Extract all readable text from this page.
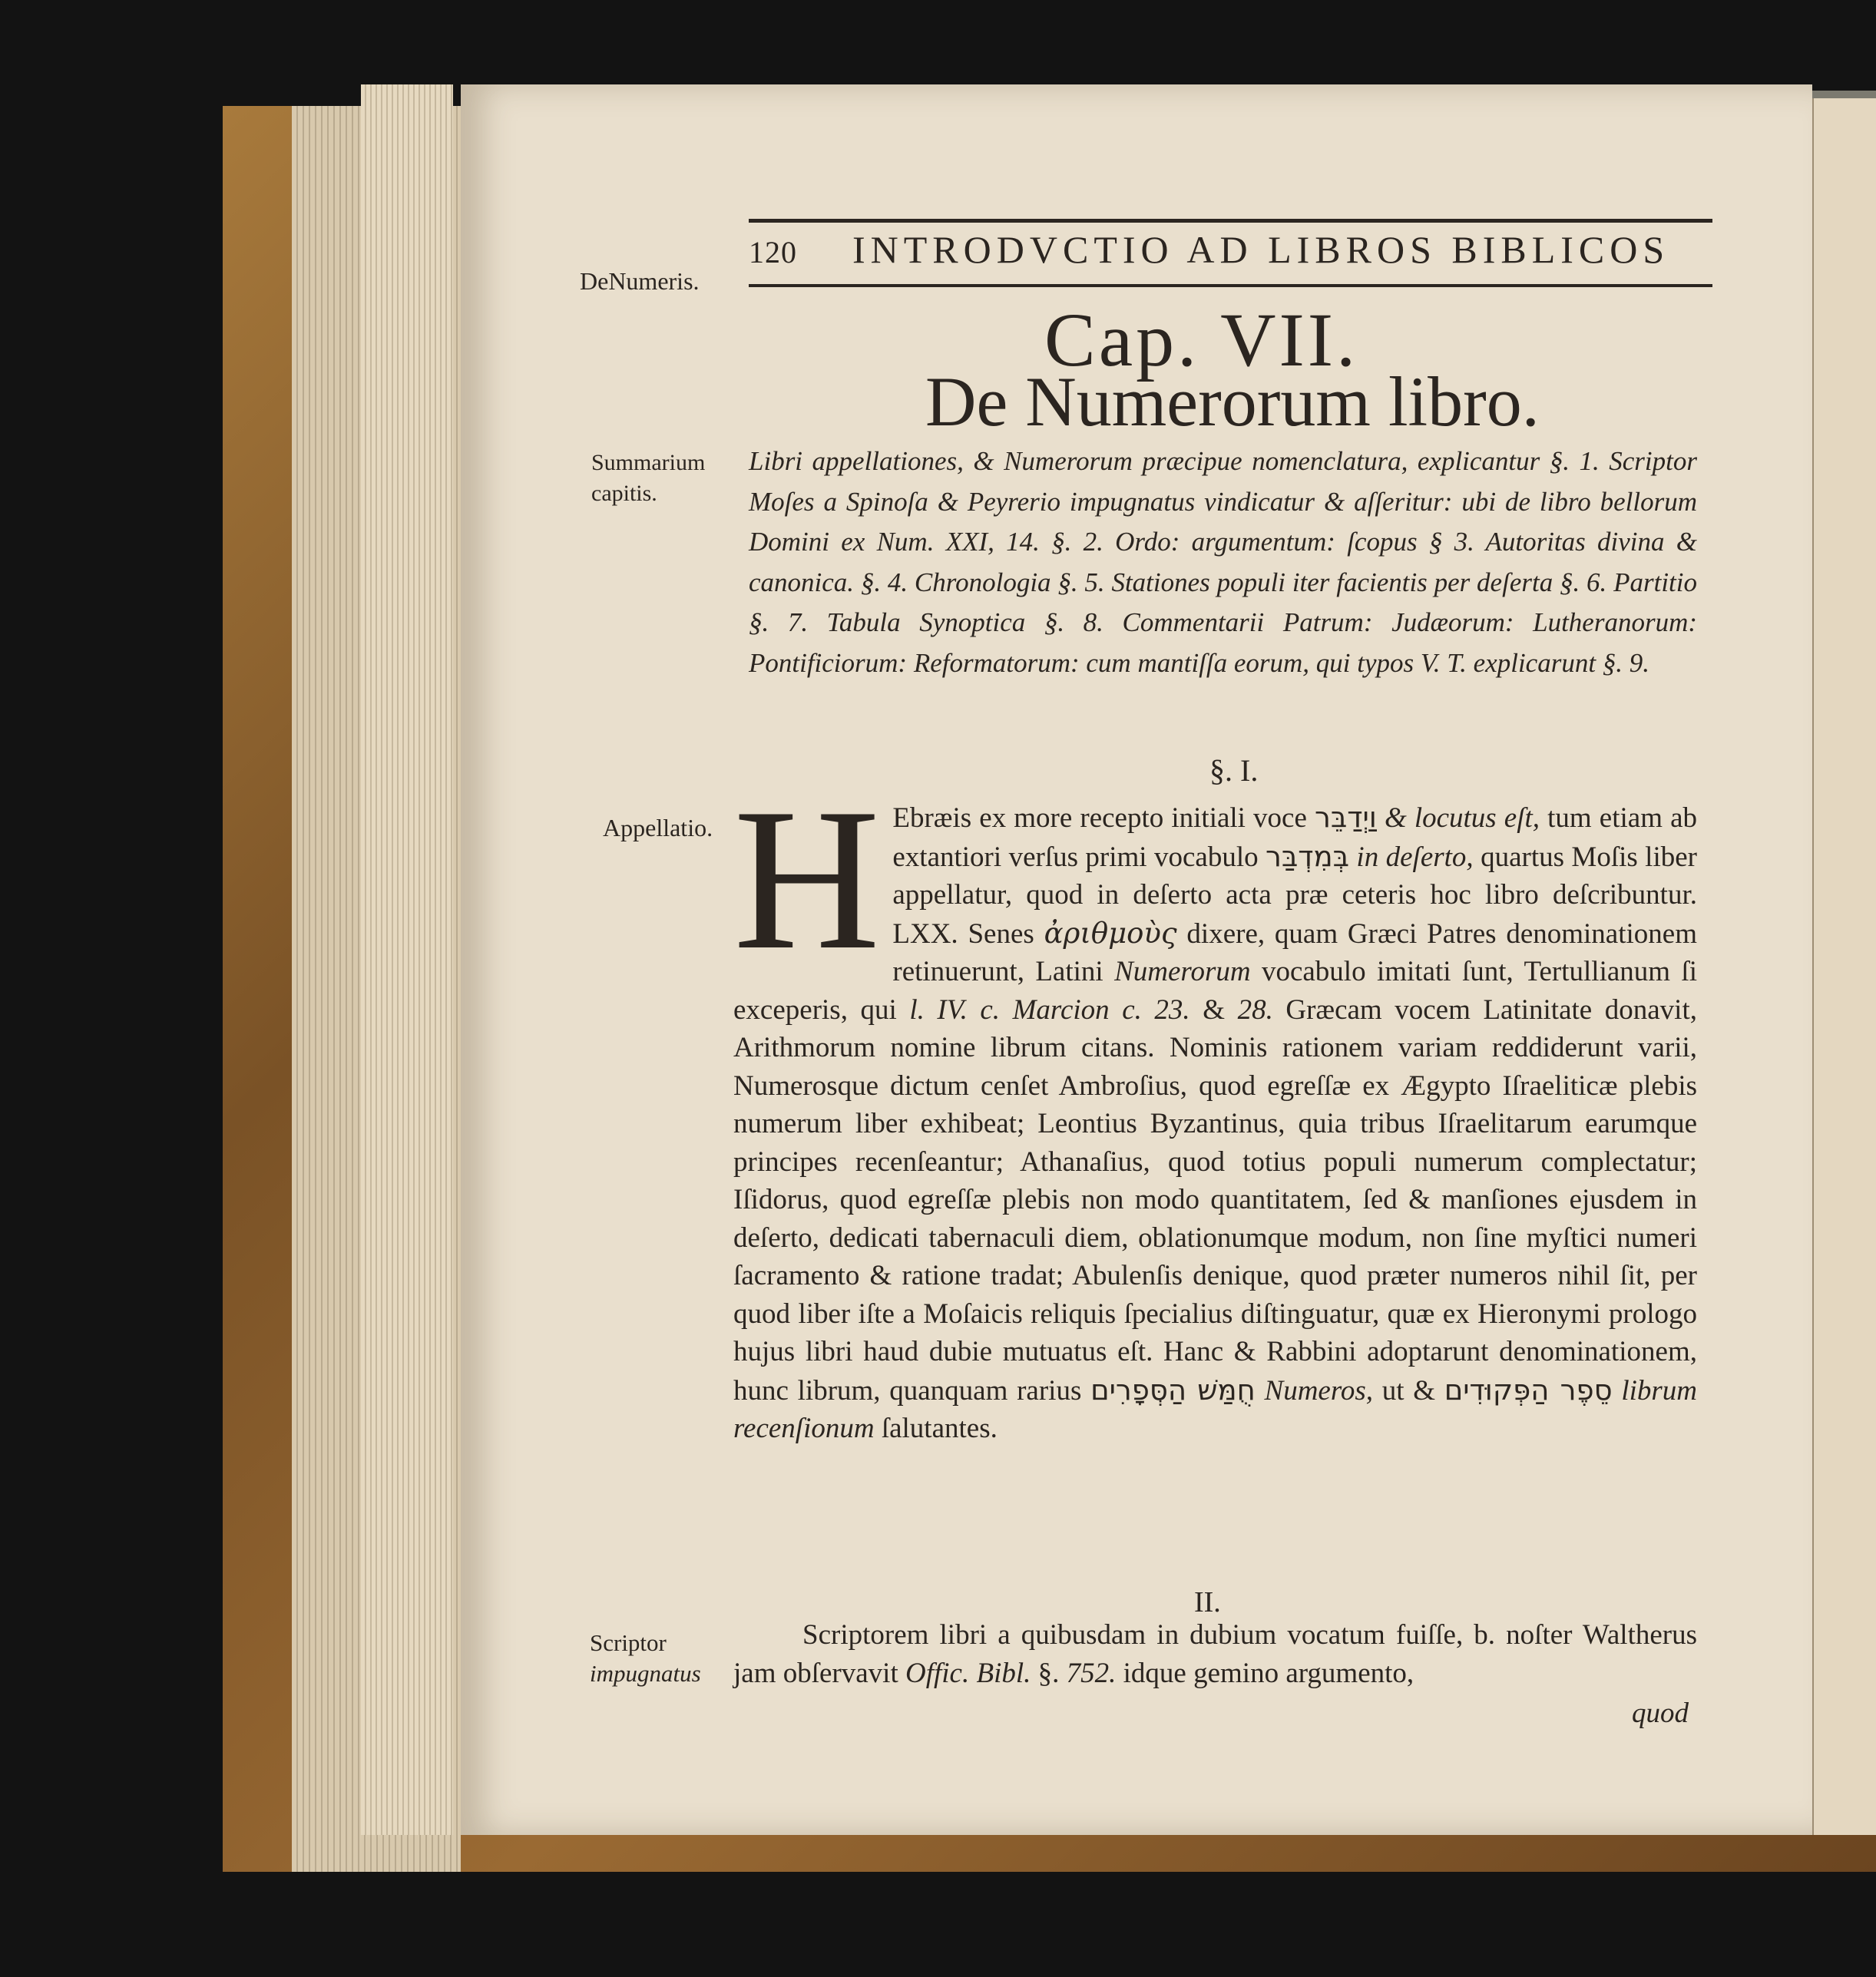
120 INTRODVCTIO AD LIBROS BIBLICOS
DeNumeris.
Cap. VII.
De Numerorum libro.
Summarium
capitis.
Libri appellationes, & Numerorum præcipue nomenclatura, explicantur §. 1. Scriptor Moſes a Spinoſa & Peyrerio impugnatus vindicatur & aſſeritur: ubi de libro bellorum Domini ex Num. XXI, 14. §. 2. Ordo: argumentum: ſcopus § 3. Autoritas divina & canonica. §. 4. Chronologia §. 5. Stationes populi iter facientis per deſerta §. 6. Partitio §. 7. Tabula Synoptica §. 8. Commentarii Patrum: Judæorum: Lutheranorum: Pontificiorum: Reformatorum: cum mantiſſa eorum, qui typos V. T. explicarunt §. 9.
§. I.
Appellatio. H Ebræis ex more recepto initiali voce וַיְדַבֵּר & locutus eſt, tum etiam ab extantiori verſus primi vocabulo בְּמִדְבַּר in deſerto, quartus Moſis liber appellatur, quod in deſerto acta præ ceteris hoc libro deſcribuntur. LXX. Senes ἀριθμοὺς dixere, quam Græci Patres denominationem retinuerunt, Latini Numerorum vocabulo imitati ſunt, Tertullianum ſi exceperis, qui l. IV. c. Marcion c. 23. & 28. Græcam vocem Latinitate donavit, Arithmorum nomine librum citans. Nominis rationem variam reddiderunt varii, Numerosque dictum cenſet Ambroſius, quod egreſſæ ex Ægypto Iſraeliticæ plebis numerum liber exhibeat; Leontius Byzantinus, quia tribus Iſraelitarum earumque principes recenſeantur; Athanaſius, quod totius populi numerum complectatur; Iſidorus, quod egreſſæ plebis non modo quantitatem, ſed & manſiones ejusdem in deſerto, dedicati tabernaculi diem, oblationumque modum, non ſine myſtici numeri ſacramento & ratione tradat; Abulenſis denique, quod præter numeros nihil ſit, per quod liber iſte a Moſaicis reliquis ſpecialius diſtinguatur, quæ ex Hieronymi prologo hujus libri haud dubie mutuatus eſt. Hanc & Rabbini adoptarunt denominationem, hunc librum, quanquam rarius חֻמַּשׁ הַסְּפָרִים Numeros, ut & סֵפֶר הַפְּקוּדִים librum recenſionum ſalutantes.
II.
Scriptor
impugnatus
Scriptorem libri a quibusdam in dubium vocatum fuiſſe, b. noſter Waltherus jam obſervavit Offic. Bibl. §. 752. idque gemino argumento,
quod
